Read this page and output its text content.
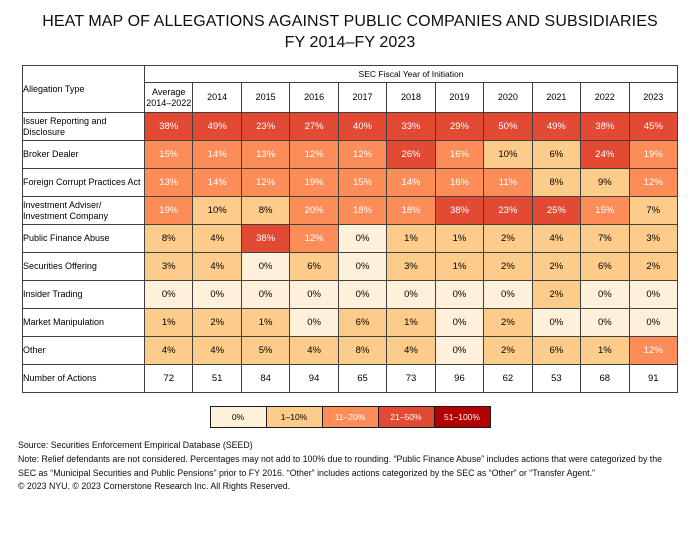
HEAT MAP OF ALLEGATIONS AGAINST PUBLIC COMPANIES AND SUBSIDIARIES
FY 2014–FY 2023
Allegation Type	SEC Fiscal Year of Initiation										
	Average 2014–2022	2014	2015	2016	2017	2018	2019	2020	2021	2022	2023
Issuer Reporting and Disclosure	38%	49%	23%	27%	40%	33%	29%	50%	49%	38%	45%
Broker Dealer	15%	14%	13%	12%	12%	26%	16%	10%	6%	24%	19%
Foreign Corrupt Practices Act	13%	14%	12%	19%	15%	14%	16%	11%	8%	9%	12%
Investment Adviser/ Investment Company	19%	10%	8%	20%	18%	18%	38%	23%	25%	15%	7%
Public Finance Abuse	8%	4%	38%	12%	0%	1%	1%	2%	4%	7%	3%
Securities Offering	3%	4%	0%	6%	0%	3%	1%	2%	2%	6%	2%
Insider Trading	0%	0%	0%	0%	0%	0%	0%	0%	2%	0%	0%
Market Manipulation	1%	2%	1%	0%	6%	1%	0%	2%	0%	0%	0%
Other	4%	4%	5%	4%	8%	4%	0%	2%	6%	1%	12%
Number of Actions	72	51	84	94	65	73	96	62	53	68	91
0%	1–10%	11–20%	21–50%	51–100%

Source: Securities Enforcement Empirical Database (SEED)

Note: Relief defendants are not considered. Percentages may not add to 100% due to rounding. “Public Finance Abuse” includes actions that were categorized by the SEC as “Municipal Securities and Public Pensions” prior to FY 2016. “Other” includes actions categorized by the SEC as “Other” or “Transfer Agent.”

© 2023 NYU. © 2023 Cornerstone Research Inc. All Rights Reserved.
